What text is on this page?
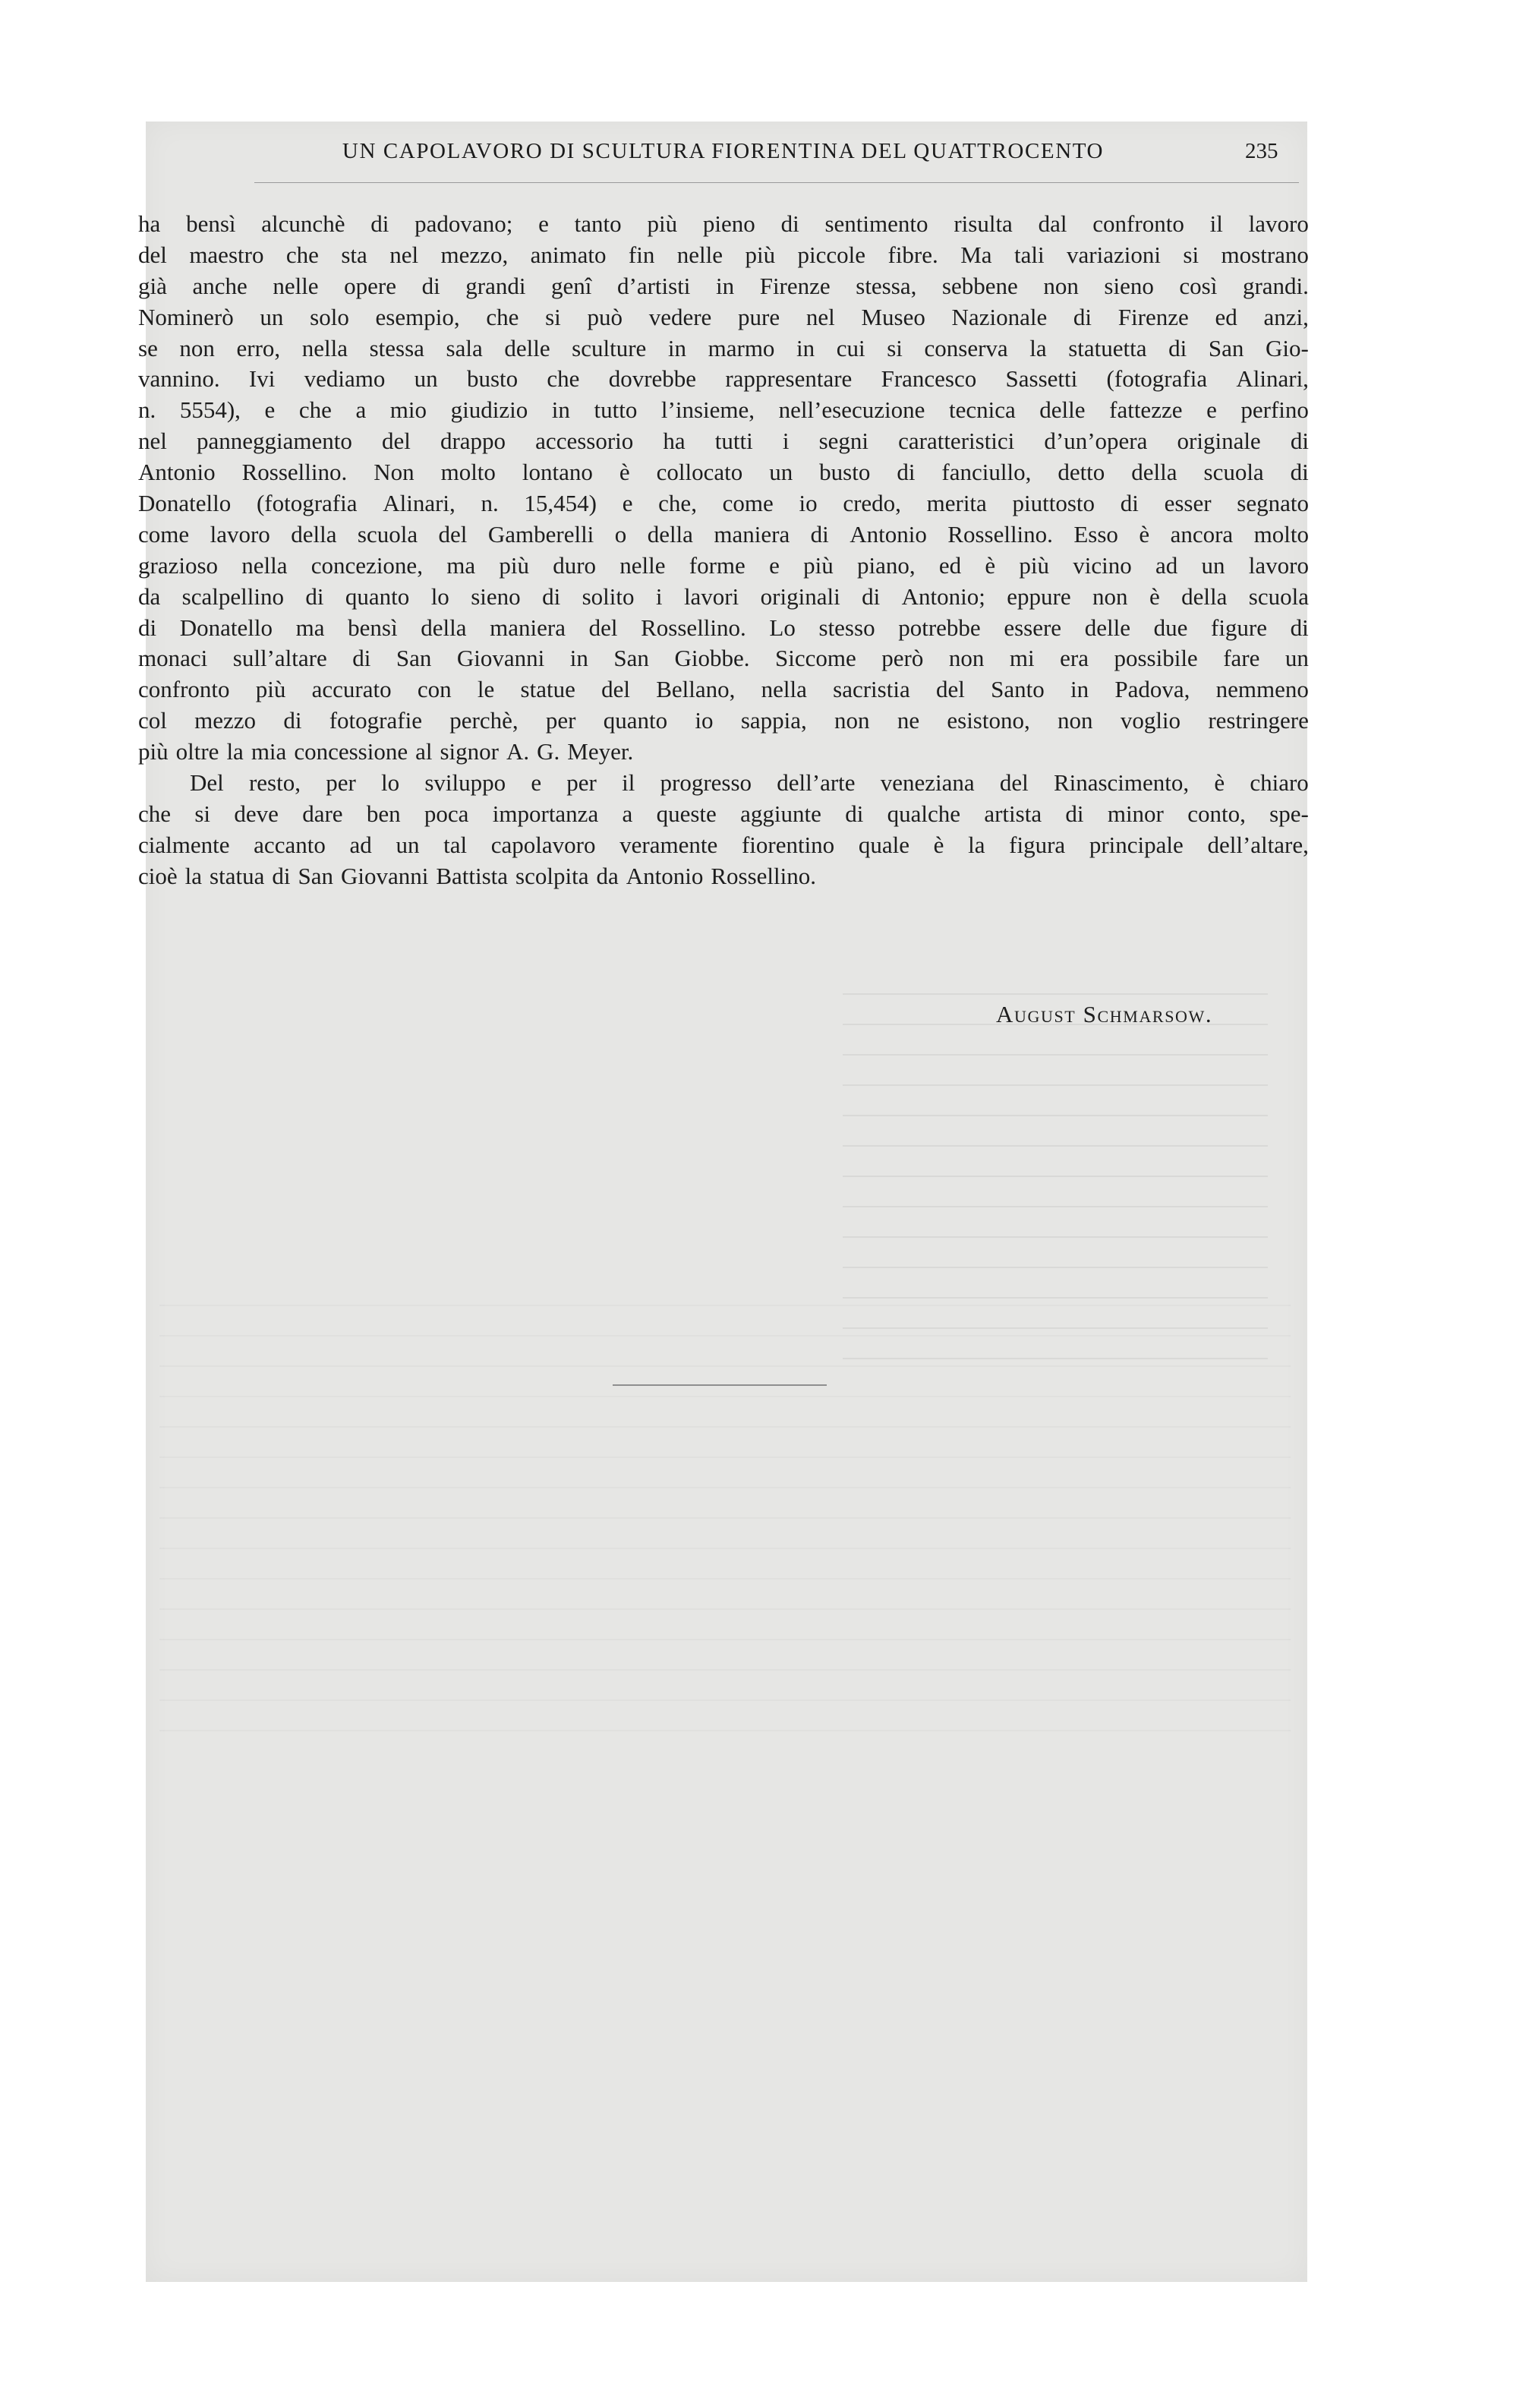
UN CAPOLAVORO DI SCULTURA FIORENTINA DEL QUATTROCENTO	235
ha bensì alcunchè di padovano; e tanto più pieno di sentimento risulta dal confronto il lavoro
del maestro che sta nel mezzo, animato fin nelle più piccole fibre. Ma tali variazioni si mostrano
già anche nelle opere di grandi genî d’artisti in Firenze stessa, sebbene non sieno così grandi.
Nominerò un solo esempio, che si può vedere pure nel Museo Nazionale di Firenze ed anzi,
se non erro, nella stessa sala delle sculture in marmo in cui si conserva la statuetta di San Gio-
vannino. Ivi vediamo un busto che dovrebbe rappresentare Francesco Sassetti (fotografia Alinari,
n. 5554), e che a mio giudizio in tutto l’insieme, nell’esecuzione tecnica delle fattezze e perfino
nel panneggiamento del drappo accessorio ha tutti i segni caratteristici d’un’opera originale di
Antonio Rossellino. Non molto lontano è collocato un busto di fanciullo, detto della scuola di
Donatello (fotografia Alinari, n. 15,454) e che, come io credo, merita piuttosto di esser segnato
come lavoro della scuola del Gamberelli o della maniera di Antonio Rossellino. Esso è ancora molto
grazioso nella concezione, ma più duro nelle forme e più piano, ed è più vicino ad un lavoro
da scalpellino di quanto lo sieno di solito i lavori originali di Antonio; eppure non è della scuola
di Donatello ma bensì della maniera del Rossellino. Lo stesso potrebbe essere delle due figure di
monaci sull’altare di San Giovanni in San Giobbe. Siccome però non mi era possibile fare un
confronto più accurato con le statue del Bellano, nella sacristia del Santo in Padova, nemmeno
col mezzo di fotografie perchè, per quanto io sappia, non ne esistono, non voglio restringere
più oltre la mia concessione al signor A. G. Meyer.
Del resto, per lo sviluppo e per il progresso dell’arte veneziana del Rinascimento, è chiaro
che si deve dare ben poca importanza a queste aggiunte di qualche artista di minor conto, spe-
cialmente accanto ad un tal capolavoro veramente fiorentino quale è la figura principale dell’altare,
cioè la statua di San Giovanni Battista scolpita da Antonio Rossellino.
August Schmarsow.
